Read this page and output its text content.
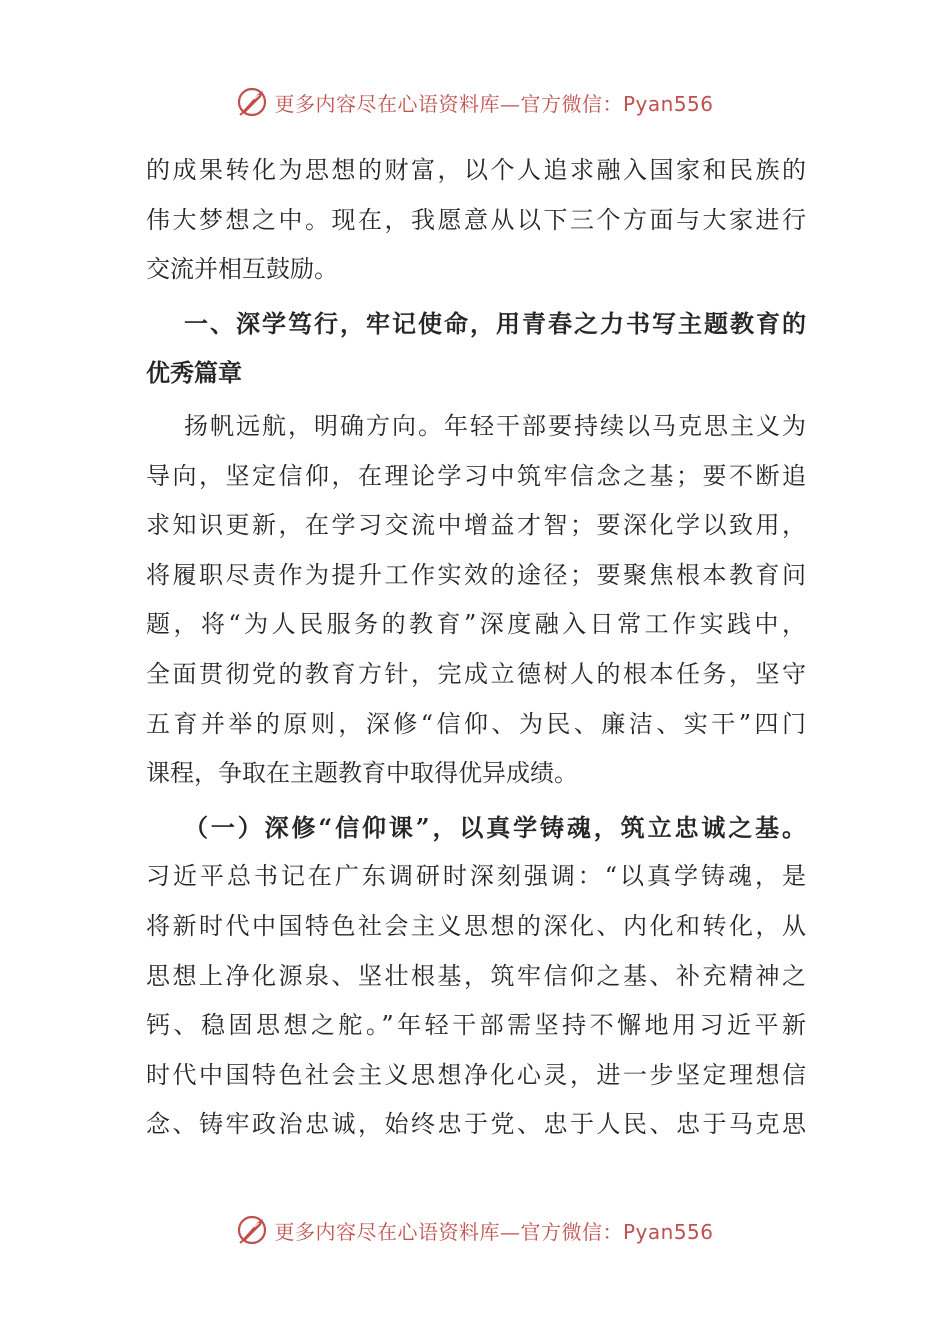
更多内容尽在心语资料库—官方微信：Pyan556
的成果转化为思想的财富，以个人追求融入国家和民族的
伟大梦想之中。现在，我愿意从以下三个方面与大家进行
交流并相互鼓励。
一、深学笃行，牢记使命，用青春之力书写主题教育的
优秀篇章
扬帆远航，明确方向。年轻干部要持续以马克思主义为
导向，坚定信仰，在理论学习中筑牢信念之基；要不断追
求知识更新，在学习交流中增益才智；要深化学以致用，
将履职尽责作为提升工作实效的途径；要聚焦根本教育问
题，将“为人民服务的教育”深度融入日常工作实践中，
全面贯彻党的教育方针，完成立德树人的根本任务，坚守
五育并举的原则，深修“信仰、为民、廉洁、实干”四门
课程，争取在主题教育中取得优异成绩。
（一）深修“信仰课”，以真学铸魂，筑立忠诚之基。
习近平总书记在广东调研时深刻强调：“以真学铸魂，是
将新时代中国特色社会主义思想的深化、内化和转化，从
思想上净化源泉、坚壮根基，筑牢信仰之基、补充精神之
钙、稳固思想之舵。”年轻干部需坚持不懈地用习近平新
时代中国特色社会主义思想净化心灵，进一步坚定理想信
念、铸牢政治忠诚，始终忠于党、忠于人民、忠于马克思
更多内容尽在心语资料库—官方微信：Pyan556
